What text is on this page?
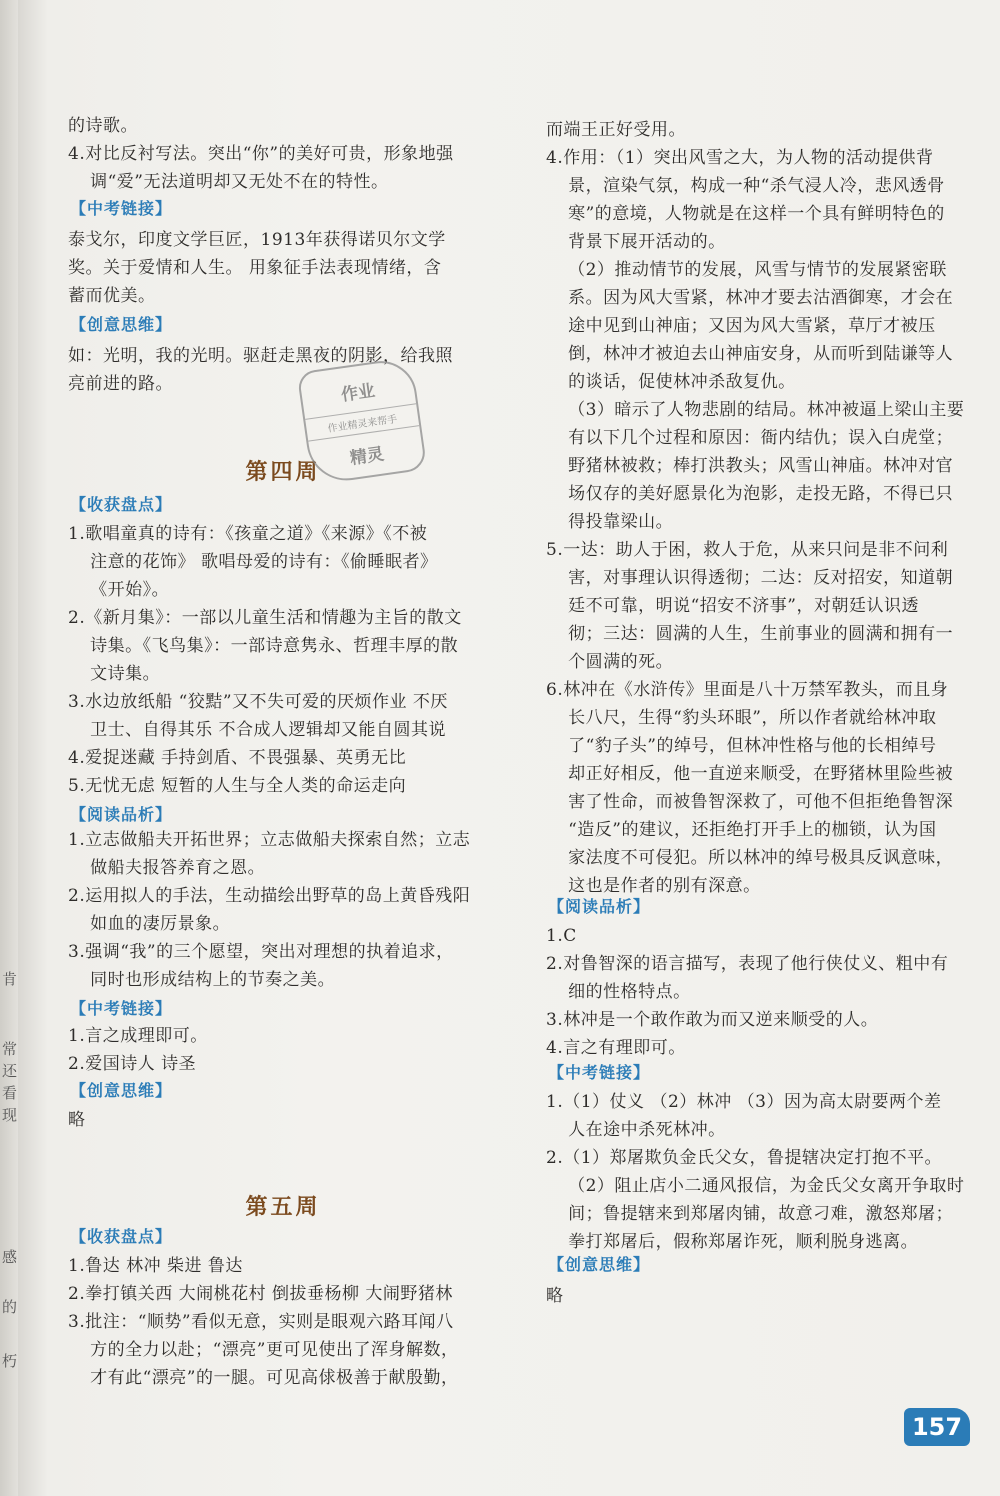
的诗歌。

4.对比反衬写法。突出“你”的美好可贵，形象地强
调“爱”无法道明却又无处不在的特性。

【 中考链接 】

泰戈尔，印度文学巨匠，1913年获得诺贝尔文学

奖。关于爱情和人生。 用象征手法表现情绪，含

蓄而优美。

【 创意思维 】

如：光明，我的光明。驱赶走黑夜的阴影，给我照

亮前进的路。

第四周
【 收获盘点 】

1.歌唱童真的诗有：《孩童之道》《来源》《不被
注意的花饰》 歌唱母爱的诗有：《偷睡眠者》
《开始》。

2.《新月集》：一部以儿童生活和情趣为主旨的散文
诗集。《飞鸟集》：一部诗意隽永、哲理丰厚的散
文诗集。

3.水边放纸船 “狡黠”又不失可爱的厌烦作业 不厌
卫士、自得其乐 不合成人逻辑却又能自圆其说

4.爱捉迷藏 手持剑盾、不畏强暴、英勇无比

5.无忧无虑 短暂的人生与全人类的命运走向

【 阅读品析 】

1.立志做船夫开拓世界；立志做船夫探索自然；立志
做船夫报答养育之恩。

2.运用拟人的手法，生动描绘出野草的岛上黄昏残阳
如血的凄厉景象。

3.强调“我”的三个愿望，突出对理想的执着追求，
同时也形成结构上的节奏之美。

【 中考链接 】

1.言之成理即可。

2.爱国诗人 诗圣

【 创意思维 】

略

第五周
【 收获盘点 】

1.鲁达 林冲 柴进 鲁达

2.拳打镇关西 大闹桃花村 倒拔垂杨柳 大闹野猪林

3.批注：“顺势”看似无意，实则是眼观六路耳闻八
方的全力以赴；“漂亮”更可见使出了浑身解数，
才有此“漂亮”的一腿。可见高俅极善于献殷勤，

而端王正好受用。

4.作用：（1）突出风雪之大，为人物的活动提供背
景，渲染气氛，构成一种“杀气浸人冷，悲风透骨
寒”的意境，人物就是在这样一个具有鲜明特色的
背景下展开活动的。

（2）推动情节的发展，风雪与情节的发展紧密联
系。因为风大雪紧，林冲才要去沽酒御寒，才会在
途中见到山神庙；又因为风大雪紧，草厅才被压
倒，林冲才被迫去山神庙安身，从而听到陆谦等人
的谈话，促使林冲杀敌复仇。

（3）暗示了人物悲剧的结局。林冲被逼上梁山主要
有以下几个过程和原因：衙内结仇；误入白虎堂；
野猪林被救；棒打洪教头；风雪山神庙。林冲对官
场仅存的美好愿景化为泡影，走投无路，不得已只
得投靠梁山。

5.一达：助人于困，救人于危，从来只问是非不问利
害，对事理认识得透彻；二达：反对招安，知道朝
廷不可靠，明说“招安不济事”，对朝廷认识透
彻；三达：圆满的人生，生前事业的圆满和拥有一
个圆满的死。

6.林冲在《水浒传》里面是八十万禁军教头，而且身
长八尺，生得“豹头环眼”，所以作者就给林冲取
了“豹子头”的绰号，但林冲性格与他的长相绰号
却正好相反，他一直逆来顺受，在野猪林里险些被
害了性命，而被鲁智深救了，可他不但拒绝鲁智深
“造反”的建议，还拒绝打开手上的枷锁，认为国
家法度不可侵犯。所以林冲的绰号极具反讽意味，
这也是作者的别有深意。

【 阅读品析 】

1.C

2.对鲁智深的语言描写，表现了他行侠仗义、粗中有
细的性格特点。

3.林冲是一个敢作敢为而又逆来顺受的人。

4.言之有理即可。

【 中考链接 】

1.（1）仗义 （2）林冲 （3）因为高太尉要两个差
人在途中杀死林冲。

2.（1）郑屠欺负金氏父女，鲁提辖决定打抱不平。

（2）阻止店小二通风报信，为金氏父女离开争取时
间；鲁提辖来到郑屠肉铺，故意刁难，激怒郑屠；
拳打郑屠后，假称郑屠诈死，顺利脱身逃离。

【 创意思维 】

略

作业
作业精灵来帮手
精灵
157
肯
常
还
看
现
感
的
朽
